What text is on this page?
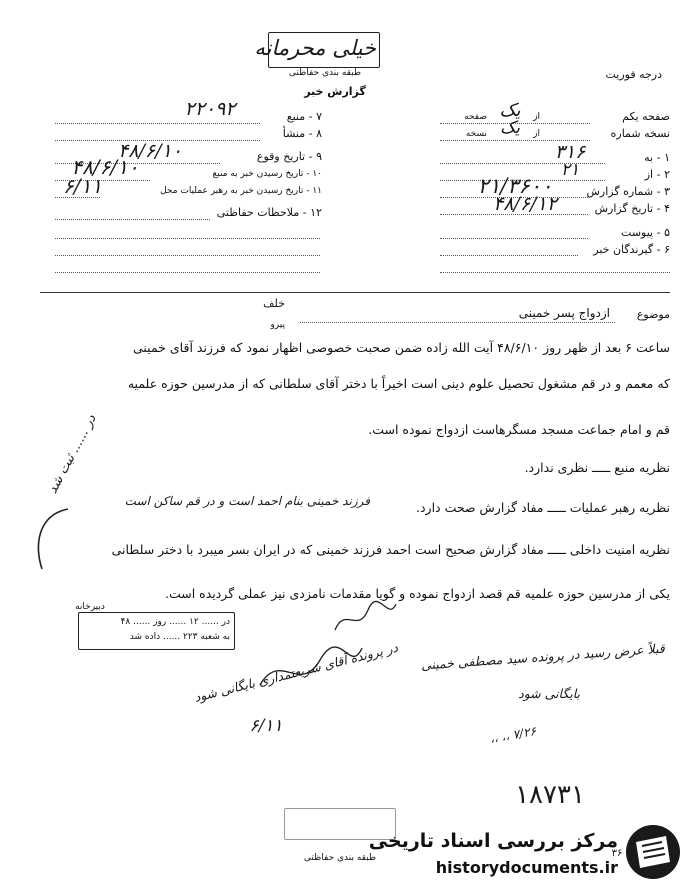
خیلی محرمانه
طبقه بندی حفاظتی	درجه فوریت
گزارش خبر
صفحه یکم
صفحه	از
یک
نسخه شماره
نسخه	از
یک
۱ - به
۳۱۶
۲ - از
۲۱
۳ - شماره گزارش
۲۱/۳۶۰۰
۴ - تاریخ گزارش
۴۸/۶/۱۲
۵ - پیوست
۶ - گیرندگان خبر
۷ - منبع
۲۲۰۹۲
۸ - منشأ
۹ - تاریخ وقوع
۴۸/۶/۱۰
۱۰ - تاریخ رسیدن خبر به منبع
۴۸/۶/۱۰
۱۱ - تاریخ رسیدن خبر به رهبر عملیات محل
۶/۱۱
۱۲ - ملاحظات حفاظتی
خلف
پیرو
موضوع
ازدواج پسر خمینی
ساعت ۶ بعد از ظهر روز ۴۸/۶/۱۰ آیت الله زاده ضمن صحبت خصوصی اظهار نمود که فرزند آقای خمینی
که معمم و در قم مشغول تحصیل علوم دینی است اخیراً با دختر آقای سلطانی که از مدرسین حوزه علمیه
قم و امام جماعت مسجد مسگرهاست ازدواج نموده است.
نظریه منبع ـــــ نظری ندارد.
نظریه رهبر عملیات ـــــ مفاد گزارش صحت دارد.
فرزند خمینی بنام احمد است و در قم ساکن است
نظریه امنیت داخلی ـــــ مفاد گزارش صحیح است احمد فرزند خمینی که در ایران بسر میبرد با دختر سلطانی
یکی از مدرسین حوزه علمیه قم قصد ازدواج نموده و گویا مقدمات نامزدی نیز عملی گردیده است.
در ...... ثبت شد
دبیرخانه
در ...... ۱۲ ...... روز ...... ۴۸
به شعبه ۲۲۳ ...... داده شد
قبلاً عرض رسید در پرونده سید مصطفی خمینی
بایگانی شود
در پرونده آقای شریعتمداری بایگانی شود
۶/۱۱
۷/۲۶ ،، ،،
۱۸۷۳۱
طبقه بندی حفاظتی	۳۶
مرکز بررسی اسناد تاریخی
historydocuments.ir
